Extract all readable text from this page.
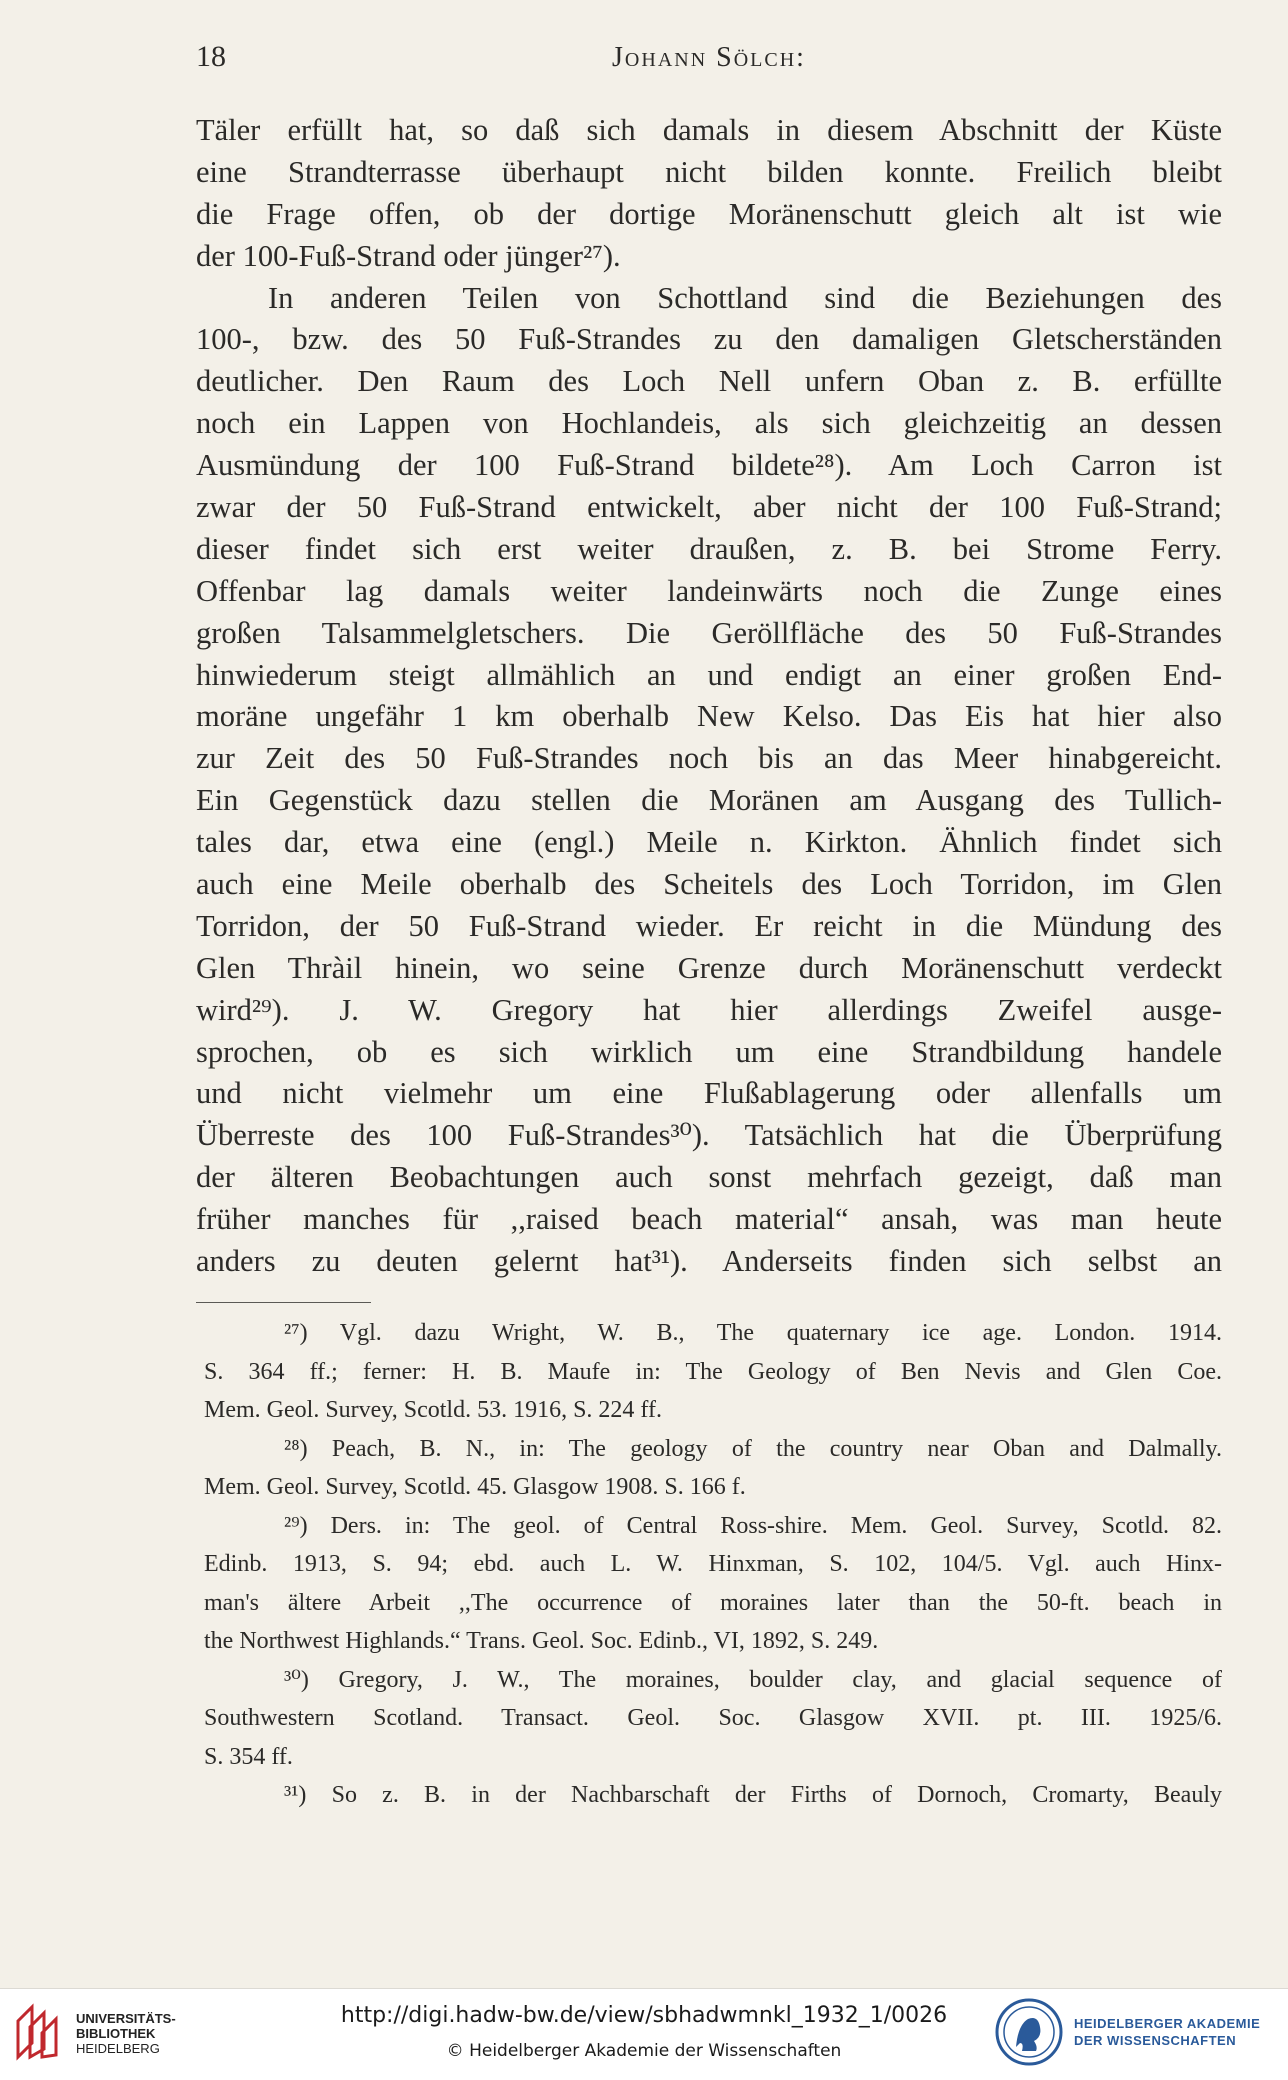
18	Johann Sölch:
Täler erfüllt hat, so daß sich damals in diesem Abschnitt der Küste
eine Strandterrasse überhaupt nicht bilden konnte. Freilich bleibt
die Frage offen, ob der dortige Moränenschutt gleich alt ist wie
der 100-Fuß-Strand oder jünger²⁷).
In anderen Teilen von Schottland sind die Beziehungen des
100-, bzw. des 50 Fuß-Strandes zu den damaligen Gletscherständen
deutlicher. Den Raum des Loch Nell unfern Oban z. B. erfüllte
noch ein Lappen von Hochlandeis, als sich gleichzeitig an dessen
Ausmündung der 100 Fuß-Strand bildete²⁸). Am Loch Carron ist
zwar der 50 Fuß-Strand entwickelt, aber nicht der 100 Fuß-Strand;
dieser findet sich erst weiter draußen, z. B. bei Strome Ferry.
Offenbar lag damals weiter landeinwärts noch die Zunge eines
großen Talsammelgletschers. Die Geröllfläche des 50 Fuß-Strandes
hinwiederum steigt allmählich an und endigt an einer großen End-
moräne ungefähr 1 km oberhalb New Kelso. Das Eis hat hier also
zur Zeit des 50 Fuß-Strandes noch bis an das Meer hinabgereicht.
Ein Gegenstück dazu stellen die Moränen am Ausgang des Tullich-
tales dar, etwa eine (engl.) Meile n. Kirkton. Ähnlich findet sich
auch eine Meile oberhalb des Scheitels des Loch Torridon, im Glen
Torridon, der 50 Fuß-Strand wieder. Er reicht in die Mündung des
Glen Thràil hinein, wo seine Grenze durch Moränenschutt verdeckt
wird²⁹). J. W. Gregory hat hier allerdings Zweifel ausge-
sprochen, ob es sich wirklich um eine Strandbildung handele
und nicht vielmehr um eine Flußablagerung oder allenfalls um
Überreste des 100 Fuß-Strandes³⁰). Tatsächlich hat die Überprüfung
der älteren Beobachtungen auch sonst mehrfach gezeigt, daß man
früher manches für ,,raised beach material“ ansah, was man heute
anders zu deuten gelernt hat³¹). Anderseits finden sich selbst an
²⁷) Vgl. dazu Wright, W. B., The quaternary ice age. London. 1914.
S. 364 ff.; ferner: H. B. Maufe in: The Geology of Ben Nevis and Glen Coe.
Mem. Geol. Survey, Scotld. 53. 1916, S. 224 ff.
²⁸) Peach, B. N., in: The geology of the country near Oban and Dalmally.
Mem. Geol. Survey, Scotld. 45. Glasgow 1908. S. 166 f.
²⁹) Ders. in: The geol. of Central Ross-shire. Mem. Geol. Survey, Scotld. 82.
Edinb. 1913, S. 94; ebd. auch L. W. Hinxman, S. 102, 104/5. Vgl. auch Hinx-
man's ältere Arbeit ,,The occurrence of moraines later than the 50-ft. beach in
the Northwest Highlands.“ Trans. Geol. Soc. Edinb., VI, 1892, S. 249.
³⁰) Gregory, J. W., The moraines, boulder clay, and glacial sequence of
Southwestern Scotland. Transact. Geol. Soc. Glasgow XVII. pt. III. 1925/6.
S. 354 ff.
³¹) So z. B. in der Nachbarschaft der Firths of Dornoch, Cromarty, Beauly
UNIVERSITÄTS-
BIBLIOTHEK
HEIDELBERG
http://digi.hadw-bw.de/view/sbhadwmnkl_1932_1/0026
© Heidelberger Akademie der Wissenschaften
HEIDELBERGER AKADEMIE
DER WISSENSCHAFTEN
